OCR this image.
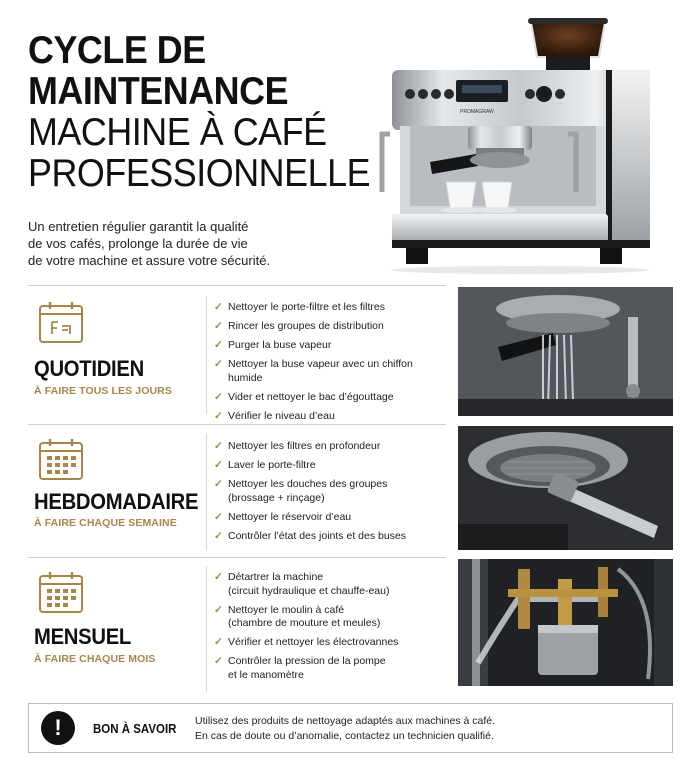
CYCLE DE
MAINTENANCE
MACHINE À CAFÉ
PROFESSIONNELLE
Un entretien régulier garantit la qualité
de vos cafés, prolonge la durée de vie
de votre machine et assure votre sécurité.
PROMAGRAW
QUOTIDIEN
À FAIRE TOUS LES JOURS
✓ Nettoyer le porte-filtre et les filtres
✓ Rincer les groupes de distribution
✓ Purger la buse vapeur
✓ Nettoyer la buse vapeur avec un chiffon humide
✓ Vider et nettoyer le bac d’égouttage
✓ Vérifier le niveau d’eau
HEBDOMADAIRE
À FAIRE CHAQUE SEMAINE
✓ Nettoyer les filtres en profondeur
✓ Laver le porte-filtre
✓ Nettoyer les douches des groupes
(brossage + rinçage)
✓ Nettoyer le réservoir d’eau
✓ Contrôler l’état des joints et des buses
MENSUEL
À FAIRE CHAQUE MOIS
✓ Détartrer la machine
(circuit hydraulique et chauffe-eau)
✓ Nettoyer le moulin à café
(chambre de mouture et meules)
✓ Vérifier et nettoyer les électrovannes
✓ Contrôler la pression de la pompe
et le manomètre
!	BON À SAVOIR
Utilisez des produits de nettoyage adaptés aux machines à café.
En cas de doute ou d’anomalie, contactez un technicien qualifié.
